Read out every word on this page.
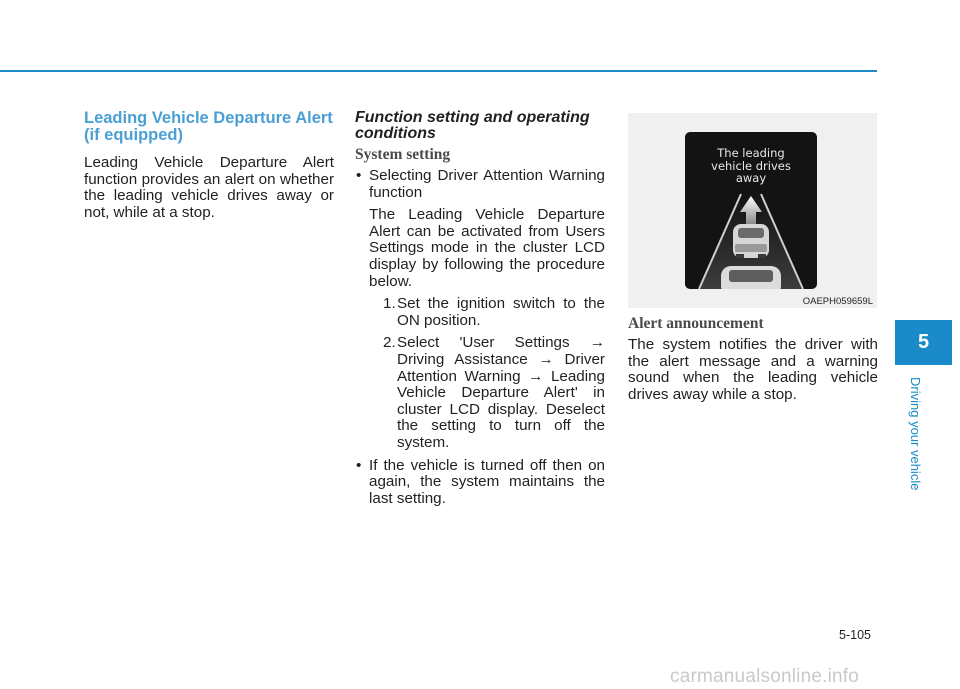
Leading Vehicle Departure Alert (if equipped)

Leading Vehicle Departure Alert function provides an alert on whether the leading vehicle drives away or not, while at a stop.

Function setting and operating conditions
System setting

• Selecting Driver Attention Warning function

The Leading Vehicle Departure Alert can be activated from Users Settings mode in the cluster LCD display by following the procedure below.

1.Set the ignition switch to the ON position.

2.Select 'User Settings → Driving Assistance → Driver Attention Warning → Leading Vehicle Departure Alert' in cluster LCD display. Deselect the setting to turn off the system.

• If the vehicle is turned off then on again, the system maintains the last setting.

The leading
vehicle drives
away
OAEPH059659L
Alert announcement

The system notifies the driver with the alert message and a warning sound when the leading vehicle drives away while a stop.

5
Driving your vehicle
5-105
carmanualsonline.info
